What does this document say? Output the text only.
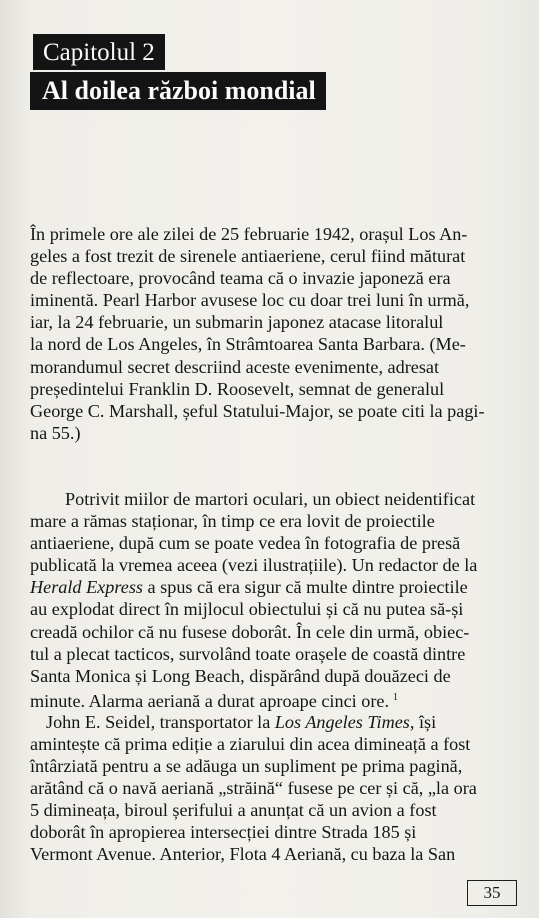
Capitolul 2
Al doilea război mondial
În primele ore ale zilei de 25 februarie 1942, orașul Los An-
geles a fost trezit de sirenele antiaeriene, cerul fiind măturat
de reflectoare, provocând teama că o invazie japoneză era
iminentă. Pearl Harbor avusese loc cu doar trei luni în urmă,
iar, la 24 februarie, un submarin japonez atacase litoralul
la nord de Los Angeles, în Strâmtoarea Santa Barbara. (Me-
morandumul secret descriind aceste evenimente, adresat
președintelui Franklin D. Roosevelt, semnat de generalul
George C. Marshall, șeful Statului-Major, se poate citi la pagi-
na 55.)
Potrivit miilor de martori oculari, un obiect neidentificat
mare a rămas staționar, în timp ce era lovit de proiectile
antiaeriene, după cum se poate vedea în fotografia de presă
publicată la vremea aceea (vezi ilustrațiile). Un redactor de la
Herald Express a spus că era sigur că multe dintre proiectile
au explodat direct în mijlocul obiectului și că nu putea să-și
creadă ochilor că nu fusese doborât. În cele din urmă, obiec-
tul a plecat tacticos, survolând toate orașele de coastă dintre
Santa Monica și Long Beach, dispărând după douăzeci de
minute. Alarma aeriană a durat aproape cinci ore. $^1$
John E. Seidel, transportator la Los Angeles Times, își
amintește că prima ediție a ziarului din acea dimineață a fost
întârziată pentru a se adăuga un supliment pe prima pagină,
arătând că o navă aeriană „străină“ fusese pe cer și că, „la ora
5 dimineața, biroul șerifului a anunțat că un avion a fost
doborât în apropierea intersecției dintre Strada 185 și
Vermont Avenue. Anterior, Flota 4 Aeriană, cu baza la San
35
